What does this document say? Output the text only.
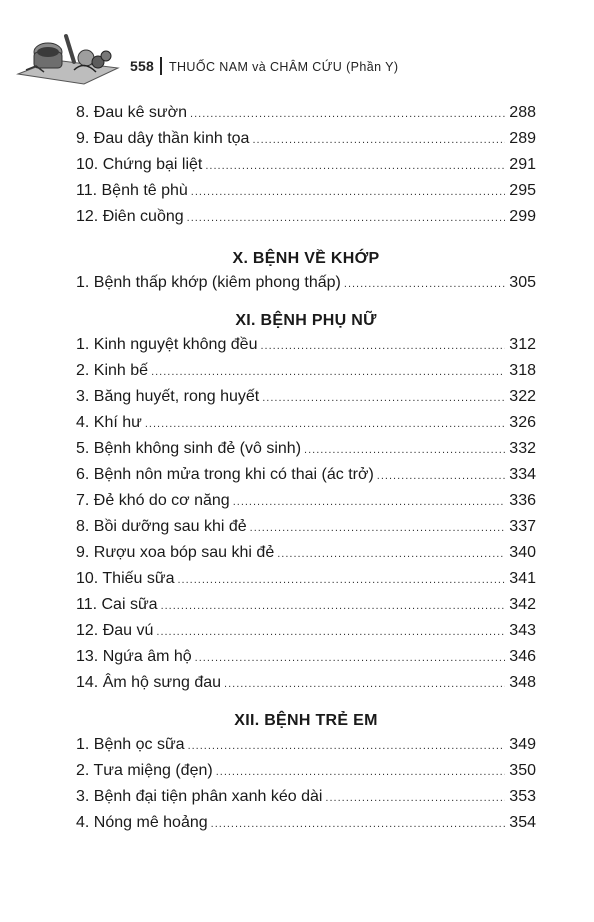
558 THUỐC NAM và CHÂM CỨU (Phần Y)
8. Đau kê sườn .....	288
9. Đau dây thần kinh tọa .....	289
10. Chứng bại liệt .....	291
11. Bệnh tê phù .....	295
12. Điên cuồng .....	299
X. BỆNH VỀ KHỚP
1. Bệnh thấp khớp (kiêm phong thấp) .....	305
XI. BỆNH PHỤ NỮ
1. Kinh nguyệt không đều .....	312
2. Kinh bế .....	318
3. Băng huyết, rong huyết .....	322
4. Khí hư .....	326
5. Bệnh không sinh đẻ (vô sinh) .....	332
6. Bệnh nôn mửa trong khi có thai (ác trở) .....	334
7. Đẻ khó do cơ năng .....	336
8. Bồi dưỡng sau khi đẻ .....	337
9. Rượu xoa bóp sau khi đẻ .....	340
10. Thiếu sữa .....	341
11. Cai sữa .....	342
12. Đau vú .....	343
13. Ngứa âm hộ .....	346
14. Âm hộ sưng đau .....	348
XII. BỆNH TRẺ EM
1. Bệnh ọc sữa .....	349
2. Tưa miệng (đẹn) .....	350
3. Bệnh đại tiện phân xanh kéo dài .....	353
4. Nóng mê hoảng .....	354
